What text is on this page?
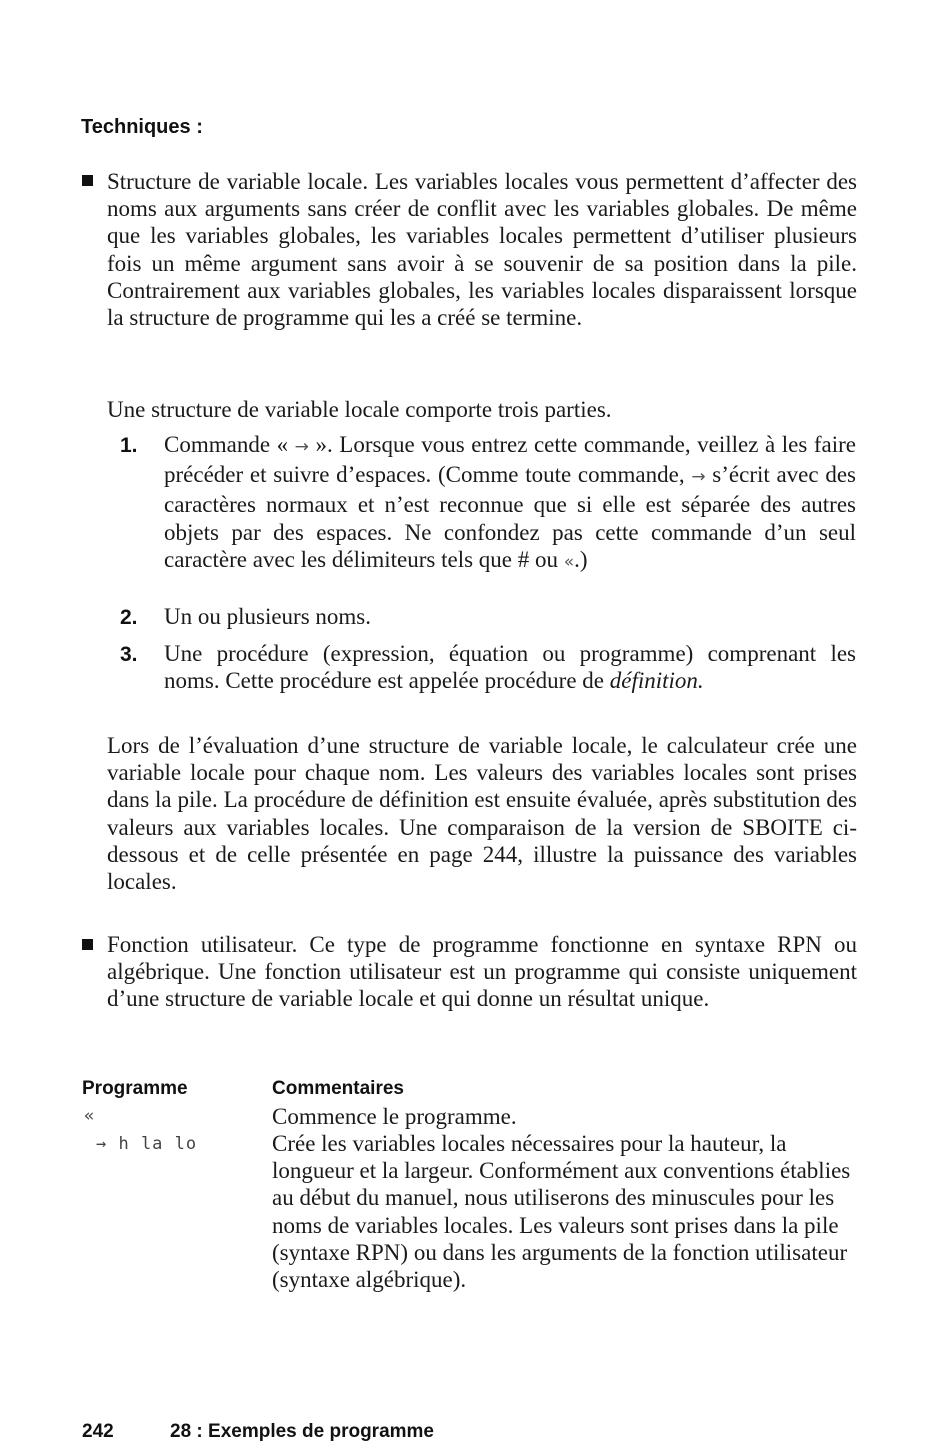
Techniques :

Structure de variable locale. Les variables locales vous permettent d’affecter des noms aux arguments sans créer de conflit avec les variables globales. De même que les variables globales, les variables locales permettent d’utiliser plusieurs fois un même argument sans avoir à se souvenir de sa position dans la pile. Contrairement aux variables globales, les variables locales disparaissent lorsque la structure de programme qui les a créé se termine.

Une structure de variable locale comporte trois parties.

1. Commande « → ». Lorsque vous entrez cette commande, veillez à les faire précéder et suivre d’espaces. (Comme toute commande, → s’écrit avec des caractères normaux et n’est reconnue que si elle est séparée des autres objets par des espaces. Ne confondez pas cette commande d’un seul caractère avec les délimiteurs tels que # ou «.)

2. Un ou plusieurs noms.

3. Une procédure (expression, équation ou programme) comprenant les noms. Cette procédure est appelée procédure de définition.

Lors de l’évaluation d’une structure de variable locale, le calculateur crée une variable locale pour chaque nom. Les valeurs des variables locales sont prises dans la pile. La procédure de définition est ensuite évaluée, après substitution des valeurs aux variables locales. Une comparaison de la version de SBOITE ci-dessous et de celle présentée en page 244, illustre la puissance des variables locales.

Fonction utilisateur. Ce type de programme fonctionne en syntaxe RPN ou algébrique. Une fonction utilisateur est un programme qui consiste uniquement d’une structure de variable locale et qui donne un résultat unique.

Programme	Commentaires

«	Commence le programme.

→ h la lo	Crée les variables locales nécessaires pour la hauteur, la longueur et la largeur. Conformément aux conventions établies au début du manuel, nous utiliserons des minuscules pour les noms de variables locales. Les valeurs sont prises dans la pile (syntaxe RPN) ou dans les arguments de la fonction utilisateur (syntaxe algébrique).

242	28 : Exemples de programme
